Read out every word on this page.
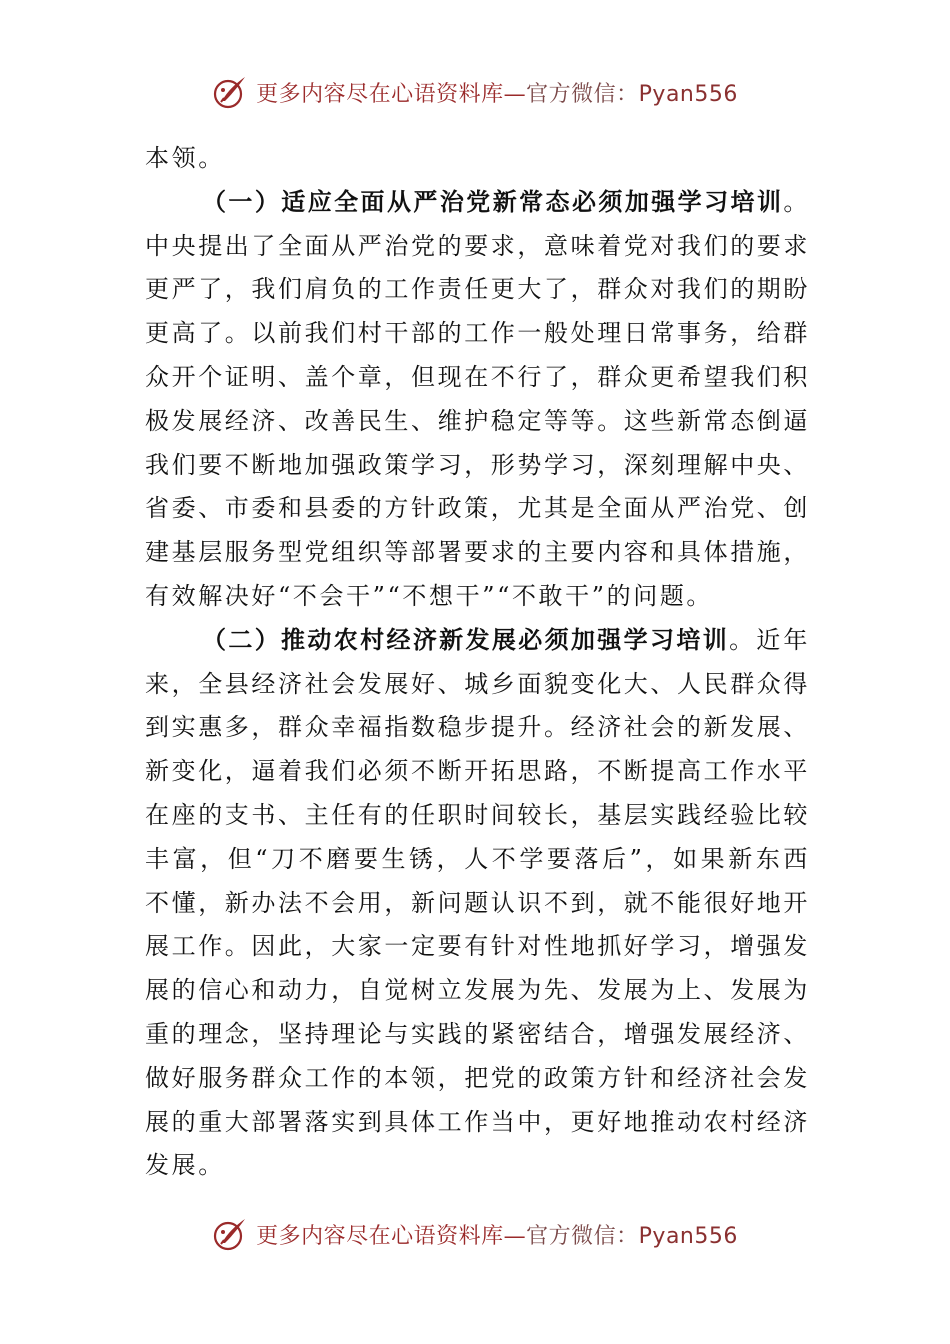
更多内容尽在心语资料库—官方微信：Pyan556

本领。

（一）适应全面从严治党新常态必须加强学习培训。中央提出了全面从严治党的要求，意味着党对我们的要求更严了，我们肩负的工作责任更大了，群众对我们的期盼更高了。以前我们村干部的工作一般处理日常事务，给群众开个证明、盖个章，但现在不行了，群众更希望我们积极发展经济、改善民生、维护稳定等等。这些新常态倒逼我们要不断地加强政策学习，形势学习，深刻理解中央、省委、市委和县委的方针政策，尤其是全面从严治党、创建基层服务型党组织等部署要求的主要内容和具体措施，有效解决好“不会干”“不想干”“不敢干”的问题。

（二）推动农村经济新发展必须加强学习培训。近年来，全县经济社会发展好、城乡面貌变化大、人民群众得到实惠多，群众幸福指数稳步提升。经济社会的新发展、新变化，逼着我们必须不断开拓思路，不断提高工作水平在座的支书、主任有的任职时间较长，基层实践经验比较丰富，但“刀不磨要生锈，人不学要落后”，如果新东西不懂，新办法不会用，新问题认识不到，就不能很好地开展工作。因此，大家一定要有针对性地抓好学习，增强发展的信心和动力，自觉树立发展为先、发展为上、发展为重的理念，坚持理论与实践的紧密结合，增强发展经济、做好服务群众工作的本领，把党的政策方针和经济社会发展的重大部署落实到具体工作当中，更好地推动农村经济发展。

更多内容尽在心语资料库—官方微信：Pyan556
